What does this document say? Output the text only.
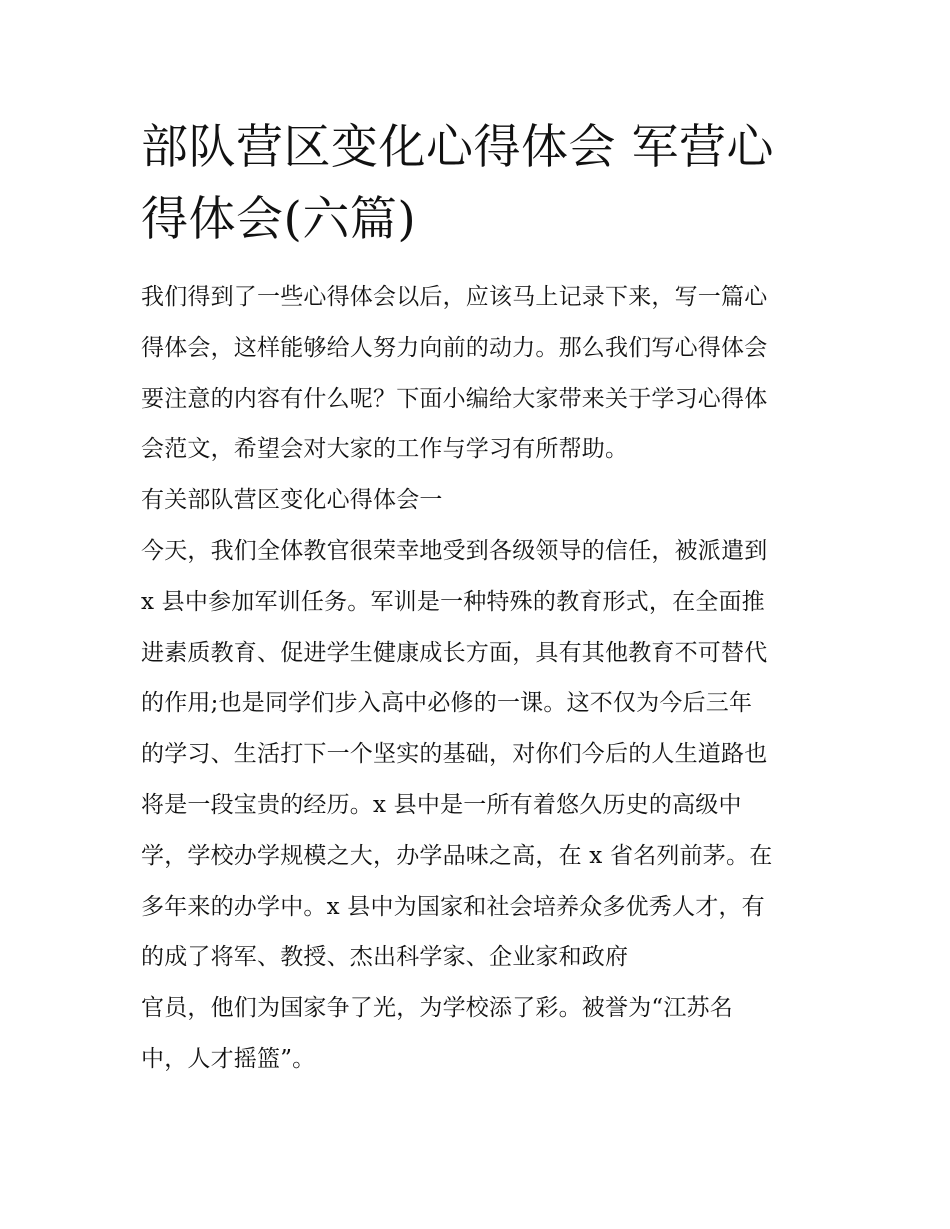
部队营区变化心得体会 军营心
得体会(六篇)
我们得到了一些心得体会以后，应该马上记录下来，写一篇心
得体会，这样能够给人努力向前的动力。那么我们写心得体会
要注意的内容有什么呢？下面小编给大家带来关于学习心得体
会范文，希望会对大家的工作与学习有所帮助。
有关部队营区变化心得体会一
今天，我们全体教官很荣幸地受到各级领导的信任，被派遣到
x 县中参加军训任务。军训是一种特殊的教育形式，在全面推
进素质教育、促进学生健康成长方面，具有其他教育不可替代
的作用;也是同学们步入高中必修的一课。这不仅为今后三年
的学习、生活打下一个坚实的基础，对你们今后的人生道路也
将是一段宝贵的经历。x 县中是一所有着悠久历史的高级中
学，学校办学规模之大，办学品味之高，在 x 省名列前茅。在
多年来的办学中。x 县中为国家和社会培养众多优秀人才，有
的成了将军、教授、杰出科学家、企业家和政府
官员，他们为国家争了光，为学校添了彩。被誉为“江苏名
中，人才摇篮”。
